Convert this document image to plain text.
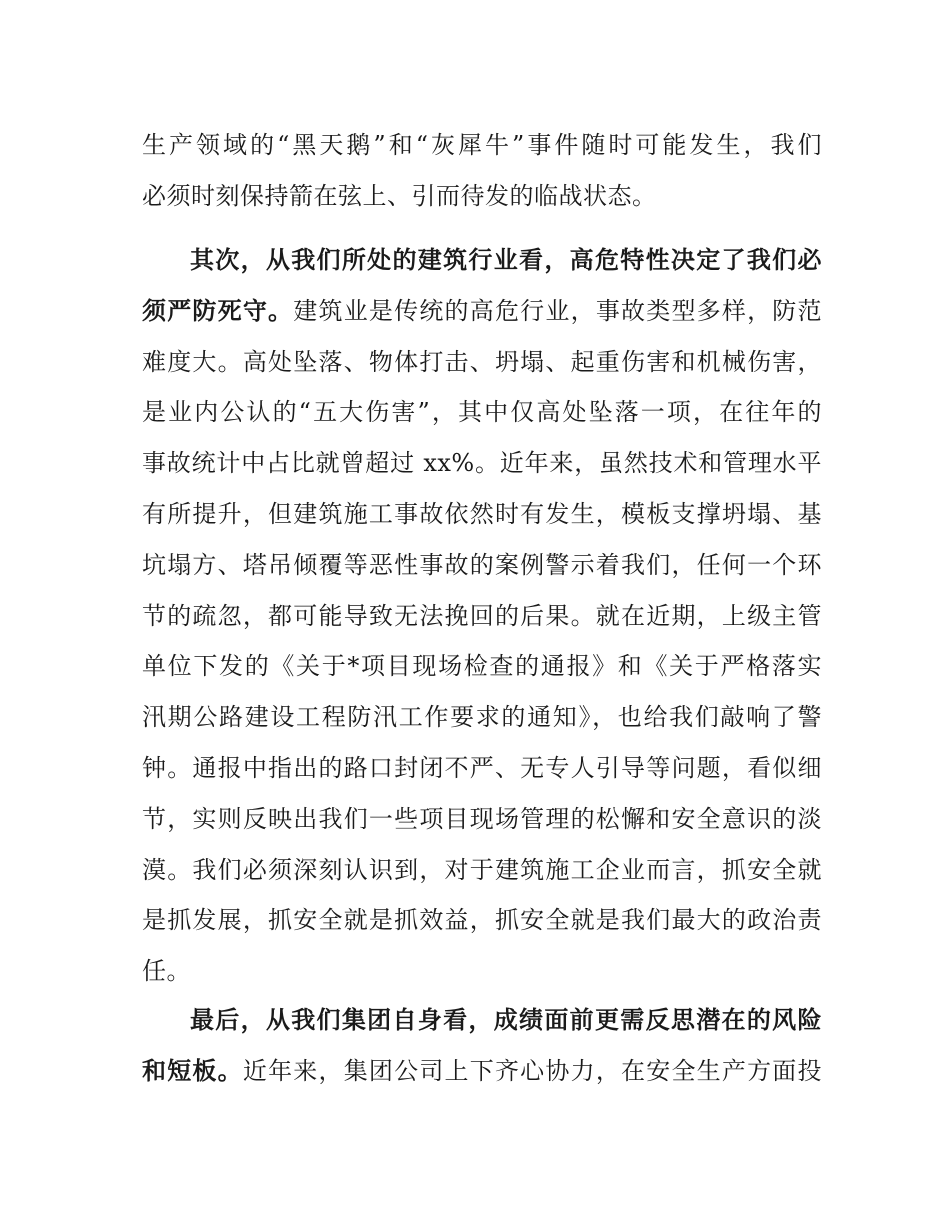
生产领域的“黑天鹅”和“灰犀牛”事件随时可能发生，我们
必须时刻保持箭在弦上、引而待发的临战状态。
其次，从我们所处的建筑行业看，高危特性决定了我们必
须严防死守。建筑业是传统的高危行业，事故类型多样，防范
难度大。高处坠落、物体打击、坍塌、起重伤害和机械伤害，
是业内公认的“五大伤害”，其中仅高处坠落一项，在往年的
事故统计中占比就曾超过 xx%。近年来，虽然技术和管理水平
有所提升，但建筑施工事故依然时有发生，模板支撑坍塌、基
坑塌方、塔吊倾覆等恶性事故的案例警示着我们，任何一个环
节的疏忽，都可能导致无法挽回的后果。就在近期，上级主管
单位下发的《关于*项目现场检查的通报》和《关于严格落实
汛期公路建设工程防汛工作要求的通知》，也给我们敲响了警
钟。通报中指出的路口封闭不严、无专人引导等问题，看似细
节，实则反映出我们一些项目现场管理的松懈和安全意识的淡
漠。我们必须深刻认识到，对于建筑施工企业而言，抓安全就
是抓发展，抓安全就是抓效益，抓安全就是我们最大的政治责
任。
最后，从我们集团自身看，成绩面前更需反思潜在的风险
和短板。近年来，集团公司上下齐心协力，在安全生产方面投
